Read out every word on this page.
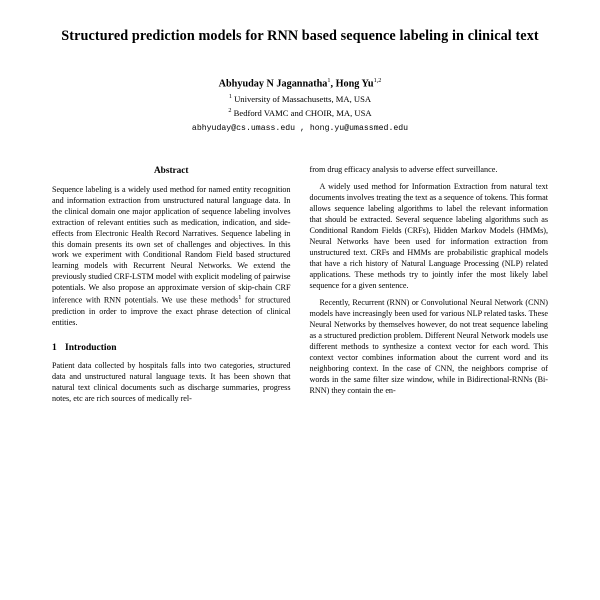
Structured prediction models for RNN based sequence labeling in clinical text
Abhyuday N Jagannatha$^1$, Hong Yu$^{1,2}$
$^1$ University of Massachusetts, MA, USA
$^2$ Bedford VAMC and CHOIR, MA, USA
abhyuday@cs.umass.edu , hong.yu@umassmed.edu
Abstract

Sequence labeling is a widely used method for named entity recognition and information extraction from unstructured natural language data. In the clinical domain one major application of sequence labeling involves extraction of relevant entities such as medication, indication, and side-effects from Electronic Health Record Narratives. Sequence labeling in this domain presents its own set of challenges and objectives. In this work we experiment with Conditional Random Field based structured learning models with Recurrent Neural Networks. We extend the previously studied CRF-LSTM model with explicit modeling of pairwise potentials. We also propose an approximate version of skip-chain CRF inference with RNN potentials. We use these methods$^1$ for structured prediction in order to improve the exact phrase detection of clinical entities.

1 Introduction

Patient data collected by hospitals falls into two categories, structured data and unstructured natural language texts. It has been shown that natural text clinical documents such as discharge summaries, progress notes, etc are rich sources of medically rel-

from drug efficacy analysis to adverse effect surveillance.

A widely used method for Information Extraction from natural text documents involves treating the text as a sequence of tokens. This format allows sequence labeling algorithms to label the relevant information that should be extracted. Several sequence labeling algorithms such as Conditional Random Fields (CRFs), Hidden Markov Models (HMMs), Neural Networks have been used for information extraction from unstructured text. CRFs and HMMs are probabilistic graphical models that have a rich history of Natural Language Processing (NLP) related applications. These methods try to jointly infer the most likely label sequence for a given sentence.

Recently, Recurrent (RNN) or Convolutional Neural Network (CNN) models have increasingly been used for various NLP related tasks. These Neural Networks by themselves however, do not treat sequence labeling as a structured prediction problem. Different Neural Network models use different methods to synthesize a context vector for each word. This context vector combines information about the current word and its neighboring context. In the case of CNN, the neighbors comprise of words in the same filter size window, while in Bidirectional-RNNs (Bi-RNN) they contain the en-
